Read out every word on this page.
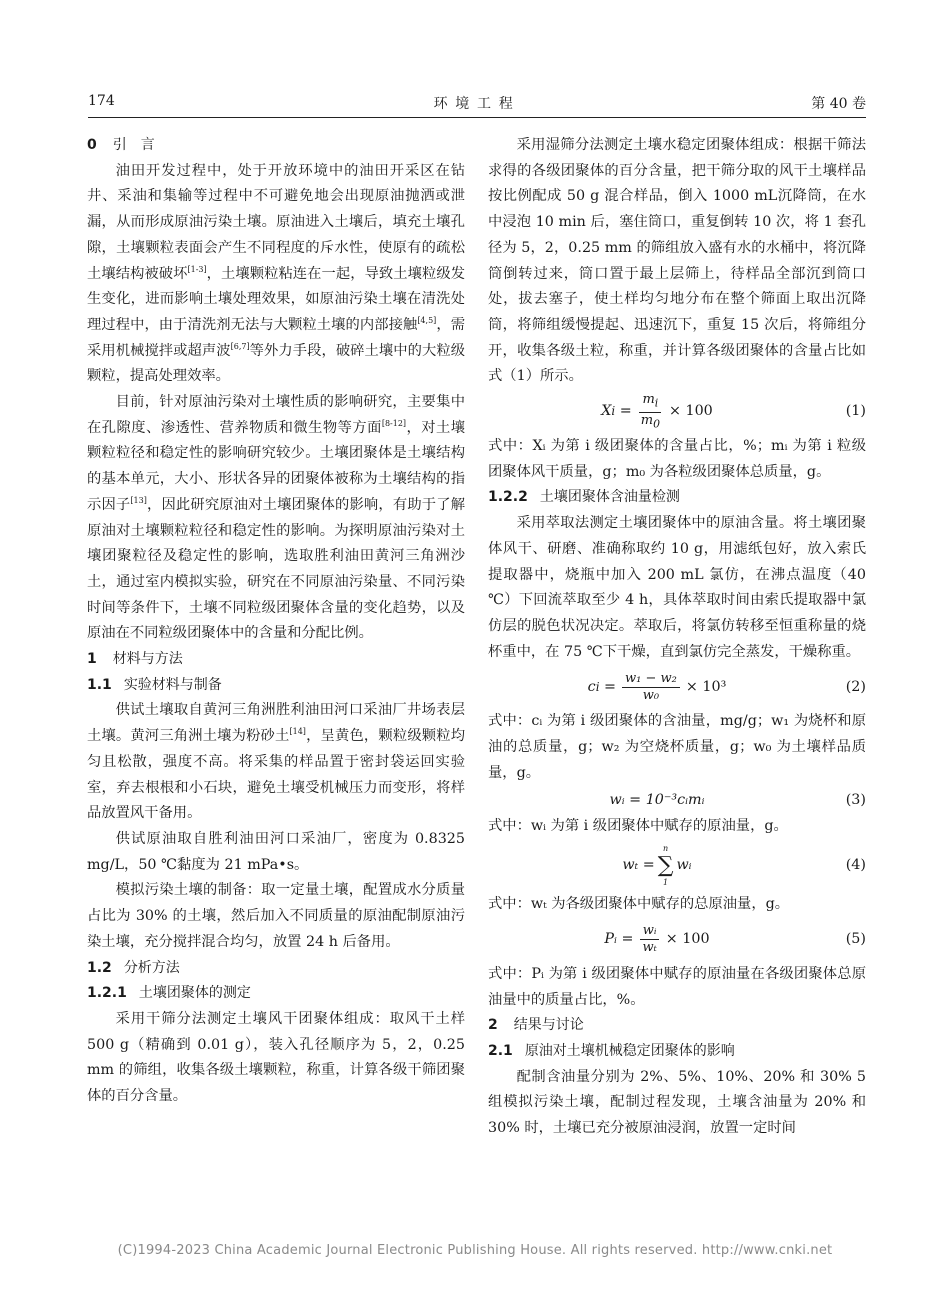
174	环境工程	第 40 卷
0 引　言

油田开发过程中，处于开放环境中的油田开采区在钻井、采油和集输等过程中不可避免地会出现原油抛洒或泄漏，从而形成原油污染土壤。原油进入土壤后，填充土壤孔隙，土壤颗粒表面会产生不同程度的斥水性，使原有的疏松土壤结构被破坏[1-3]，土壤颗粒粘连在一起，导致土壤粒级发生变化，进而影响土壤处理效果，如原油污染土壤在清洗处理过程中，由于清洗剂无法与大颗粒土壤的内部接触[4,5]，需采用机械搅拌或超声波[6,7]等外力手段，破碎土壤中的大粒级颗粒，提高处理效率。

目前，针对原油污染对土壤性质的影响研究，主要集中在孔隙度、渗透性、营养物质和微生物等方面[8-12]，对土壤颗粒粒径和稳定性的影响研究较少。土壤团聚体是土壤结构的基本单元，大小、形状各异的团聚体被称为土壤结构的指示因子[13]，因此研究原油对土壤团聚体的影响，有助于了解原油对土壤颗粒粒径和稳定性的影响。为探明原油污染对土壤团聚粒径及稳定性的影响，选取胜利油田黄河三角洲沙土，通过室内模拟实验，研究在不同原油污染量、不同污染时间等条件下，土壤不同粒级团聚体含量的变化趋势，以及原油在不同粒级团聚体中的含量和分配比例。

1 材料与方法
1.1 实验材料与制备

供试土壤取自黄河三角洲胜利油田河口采油厂井场表层土壤。黄河三角洲土壤为粉砂土[14]，呈黄色，颗粒级颗粒均匀且松散，强度不高。将采集的样品置于密封袋运回实验室，弃去根根和小石块，避免土壤受机械压力而变形，将样品放置风干备用。

供试原油取自胜利油田河口采油厂，密度为 0.8325 mg/L，50 ℃黏度为 21 mPa•s。

模拟污染土壤的制备：取一定量土壤，配置成水分质量占比为 30% 的土壤，然后加入不同质量的原油配制原油污染土壤，充分搅拌混合均匀，放置 24 h 后备用。

1.2 分析方法
1.2.1 土壤团聚体的测定

采用干筛分法测定土壤风干团聚体组成：取风干土样 500 g（精确到 0.01 g），装入孔径顺序为 5，2，0.25 mm 的筛组，收集各级土壤颗粒，称重，计算各级干筛团聚体的百分含量。

采用湿筛分法测定土壤水稳定团聚体组成：根据干筛法求得的各级团聚体的百分含量，把干筛分取的风干土壤样品按比例配成 50 g 混合样品，倒入 1000 mL沉降筒，在水中浸泡 10 min 后，塞住筒口，重复倒转 10 次，将 1 套孔径为 5，2，0.25 mm 的筛组放入盛有水的水桶中，将沉降筒倒转过来，筒口置于最上层筛上，待样品全部沉到筒口处，拔去塞子，使土样均匀地分布在整个筛面上取出沉降筒，将筛组缓慢提起、迅速沉下，重复 15 次后，将筛组分开，收集各级土粒，称重，并计算各级团聚体的含量占比如式（1）所示。

X $i = \frac{m_i}{m_0} \times 100$	(1)

式中：Xᵢ 为第 i 级团聚体的含量占比，%；mᵢ 为第 i 粒级团聚体风干质量，g；m₀ 为各粒级团聚体总质量，g。

1.2.2 土壤团聚体含油量检测

采用萃取法测定土壤团聚体中的原油含量。将土壤团聚体风干、研磨、准确称取约 10 g，用滤纸包好，放入索氏提取器中，烧瓶中加入 200 mL 氯仿，在沸点温度（40 ℃）下回流萃取至少 4 h，具体萃取时间由索氏提取器中氯仿层的脱色状况决定。萃取后，将氯仿转移至恒重称量的烧杯重中，在 75 ℃下干燥，直到氯仿完全蒸发，干燥称重。

c $i = \frac{\text{w₁ − w₂}}{\text{w₀}} \times 10^3$	(2)

式中：cᵢ 为第 i 级团聚体的含油量，mg/g；w₁ 为烧杯和原油的总质量，g；w₂ 为空烧杯质量，g；w₀ 为土壤样品质量，g。

wᵢ = 10⁻³cᵢmᵢ	(3)

式中：wᵢ 为第 i 级团聚体中赋存的原油量，g。

wₜ =
n
∑
1
wᵢ	(4)

式中：wₜ 为各级团聚体中赋存的总原油量，g。

Pᵢ = $\frac{\text{wᵢ}}{\text{wₜ}} \times 100$	(5)

式中：Pᵢ 为第 i 级团聚体中赋存的原油量在各级团聚体总原油量中的质量占比，%。

2 结果与讨论
2.1 原油对土壤机械稳定团聚体的影响

配制含油量分别为 2%、5%、10%、20% 和 30% 5 组模拟污染土壤，配制过程发现，土壤含油量为 20% 和 30% 时，土壤已充分被原油浸润，放置一定时间

(C)1994-2023 China Academic Journal Electronic Publishing House. All rights reserved. http://www.cnki.net
